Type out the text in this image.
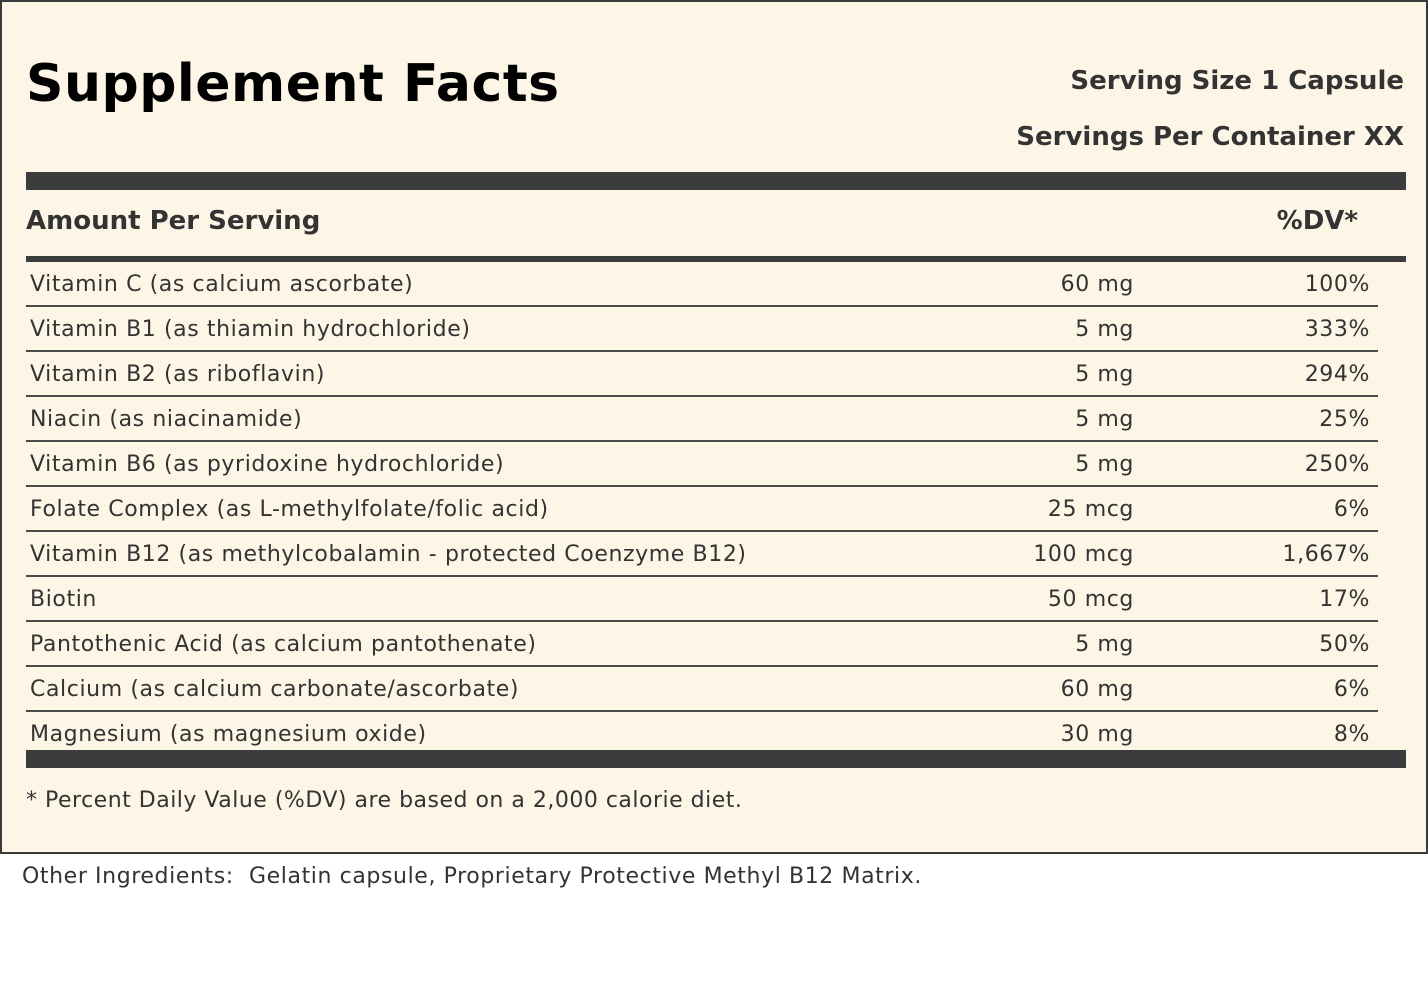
Supplement Facts	Serving Size 1 Capsule
Servings Per Container XX
Amount Per Serving	%DV*
Vitamin C (as calcium ascorbate)	60 mg	100%
Vitamin B1 (as thiamin hydrochloride)	5 mg	333%
Vitamin B2 (as riboflavin)	5 mg	294%
Niacin (as niacinamide)	5 mg	25%
Vitamin B6 (as pyridoxine hydrochloride)	5 mg	250%
Folate Complex (as L-methylfolate/folic acid)	25 mcg	6%
Vitamin B12 (as methylcobalamin - protected Coenzyme B12)	100 mcg	1,667%
Biotin	50 mcg	17%
Pantothenic Acid (as calcium pantothenate)	5 mg	50%
Calcium (as calcium carbonate/ascorbate)	60 mg	6%
Magnesium (as magnesium oxide)	30 mg	8%
* Percent Daily Value (%DV) are based on a 2,000 calorie diet.
Other Ingredients:  Gelatin capsule, Proprietary Protective Methyl B12 Matrix.
